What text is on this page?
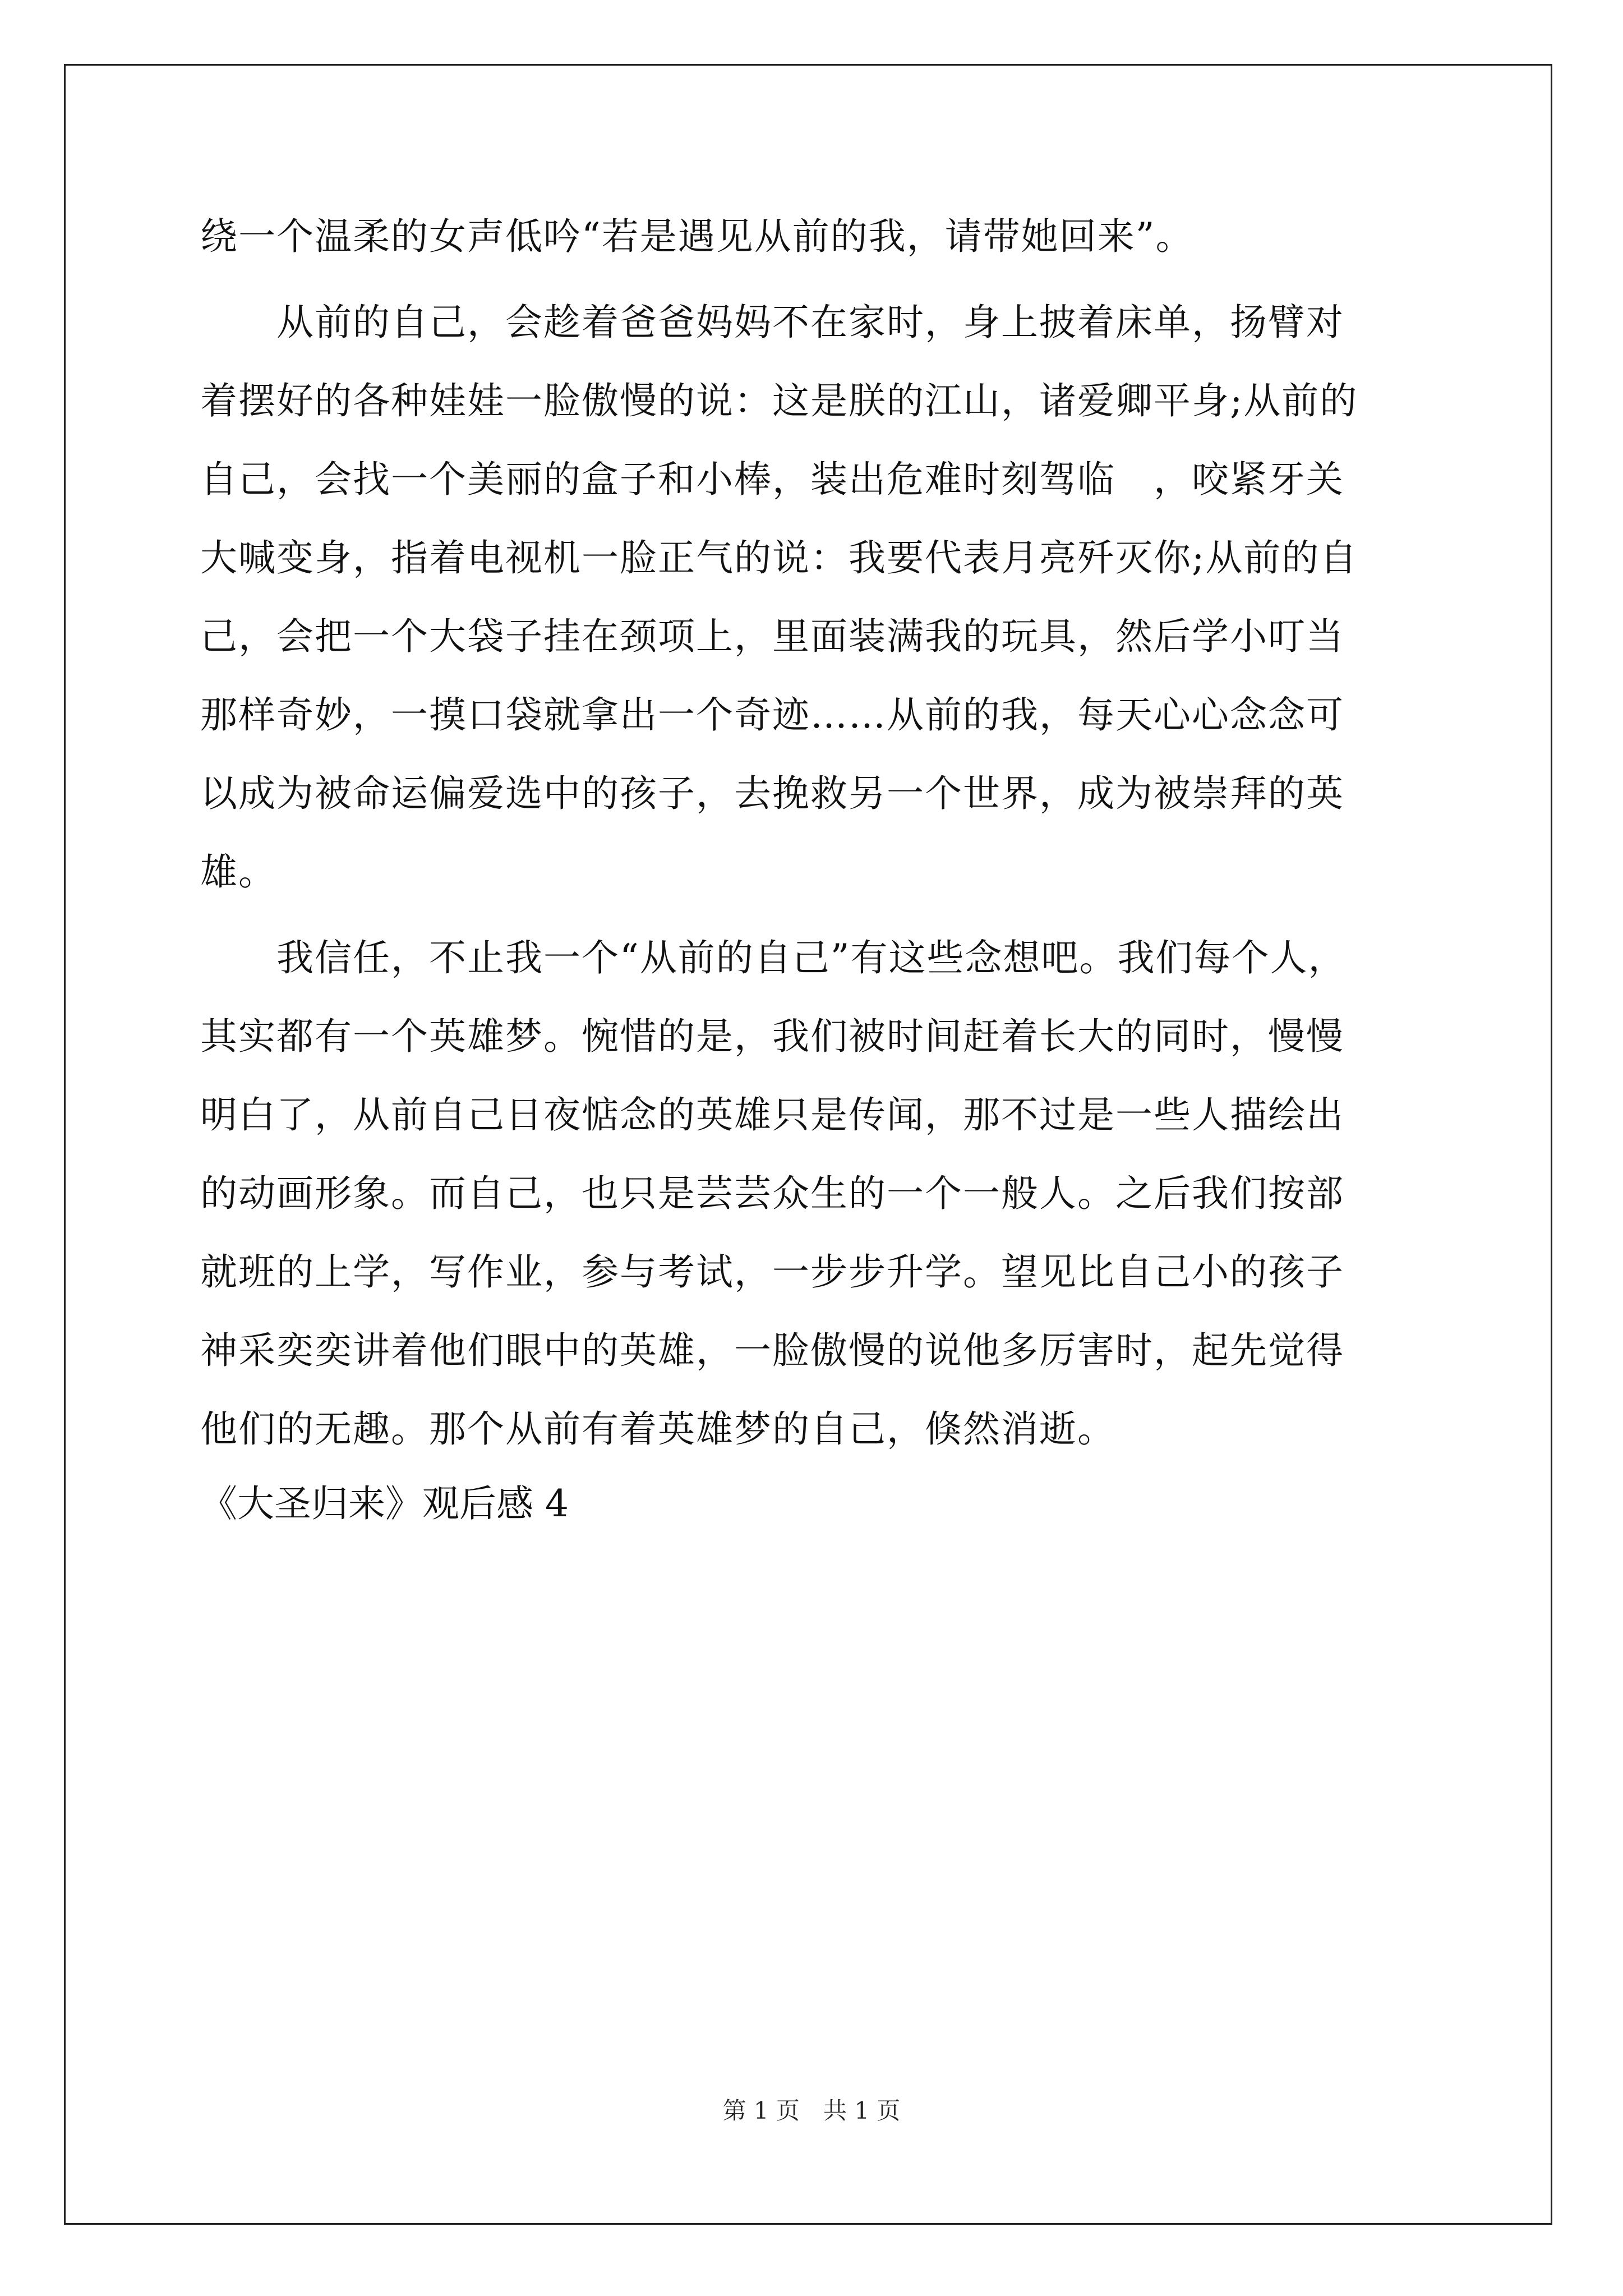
绕一个温柔的女声低吟“若是遇见从前的我，请带她回来”。
　　从前的自己，会趁着爸爸妈妈不在家时，身上披着床单，扬臂对
着摆好的各种娃娃一脸傲慢的说：这是朕的江山，诸爱卿平身;从前的
自己，会找一个美丽的盒子和小棒，装出危难时刻驾临　，咬紧牙关
大喊变身，指着电视机一脸正气的说：我要代表月亮歼灭你;从前的自
己，会把一个大袋子挂在颈项上，里面装满我的玩具，然后学小叮当
那样奇妙，一摸口袋就拿出一个奇迹……从前的我，每天心心念念可
以成为被命运偏爱选中的孩子，去挽救另一个世界，成为被崇拜的英
雄。
　　我信任，不止我一个“从前的自己”有这些念想吧。我们每个人，
其实都有一个英雄梦。惋惜的是，我们被时间赶着长大的同时，慢慢
明白了，从前自己日夜惦念的英雄只是传闻，那不过是一些人描绘出
的动画形象。而自己，也只是芸芸众生的一个一般人。之后我们按部
就班的上学，写作业，参与考试，一步步升学。望见比自己小的孩子
神采奕奕讲着他们眼中的英雄，一脸傲慢的说他多厉害时，起先觉得
他们的无趣。那个从前有着英雄梦的自己，倏然消逝。
《大圣归来》观后感 4
第 1 页　共 1 页
